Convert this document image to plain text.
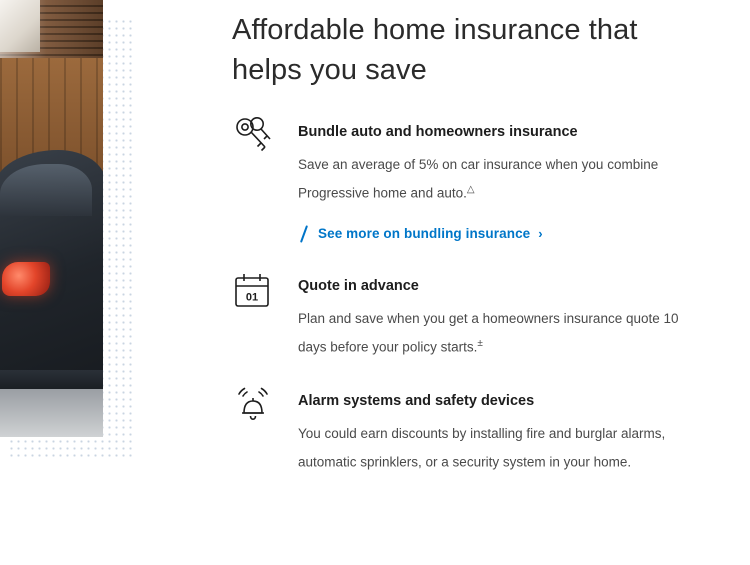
Affordable home insurance that helps you save
Bundle auto and homeowners insurance

Save an average of 5% on car insurance when you combine Progressive home and auto.△

See more on bundling insurance ›
01
Quote in advance

Plan and save when you get a homeowners insurance quote 10 days before your policy starts.±

Alarm systems and safety devices

You could earn discounts by installing fire and burglar alarms, automatic sprinklers, or a security system in your home.
